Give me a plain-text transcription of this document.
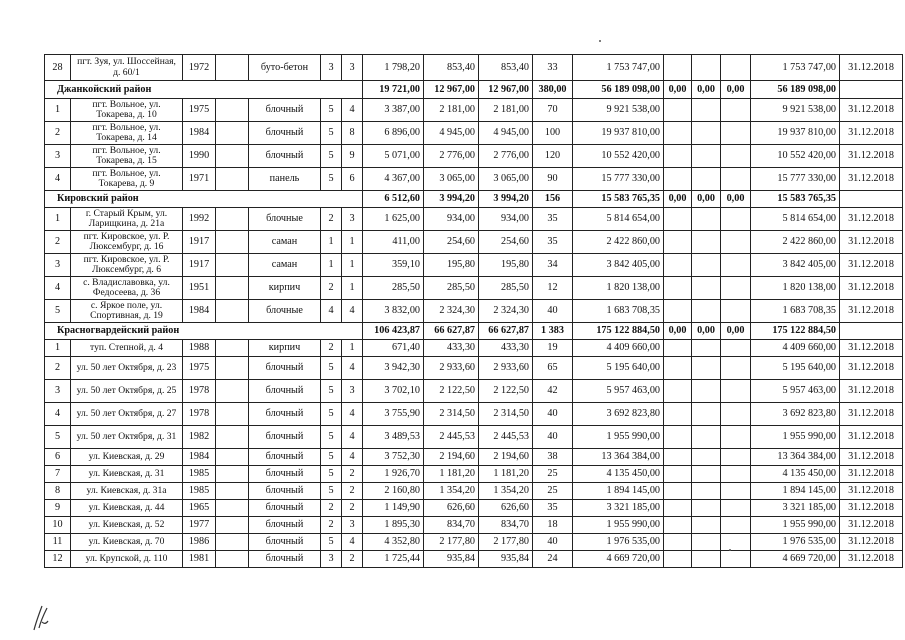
28	пгт. Зуя, ул. Шоссейная, д. 60/1	1972		буто-бетон	3	3	1 798,20	853,40	853,40	33	1 753 747,00				1 753 747,00	31.12.2018
Джанкойский район							19 721,00	12 967,00	12 967,00	380,00	56 189 098,00	0,00	0,00	0,00	56 189 098,00	
1	пгт. Вольное, ул. Токарева, д. 10	1975		блочный	5	4	3 387,00	2 181,00	2 181,00	70	9 921 538,00				9 921 538,00	31.12.2018
2	пгт. Вольное, ул. Токарева, д. 14	1984		блочный	5	8	6 896,00	4 945,00	4 945,00	100	19 937 810,00				19 937 810,00	31.12.2018
3	пгт. Вольное, ул. Токарева, д. 15	1990		блочный	5	9	5 071,00	2 776,00	2 776,00	120	10 552 420,00				10 552 420,00	31.12.2018
4	пгт. Вольное, ул. Токарева, д. 9	1971		панель	5	6	4 367,00	3 065,00	3 065,00	90	15 777 330,00				15 777 330,00	31.12.2018
Кировский район							6 512,60	3 994,20	3 994,20	156	15 583 765,35	0,00	0,00	0,00	15 583 765,35	
1	г. Старый Крым, ул. Ларищкина, д. 21а	1992		блочные	2	3	1 625,00	934,00	934,00	35	5 814 654,00				5 814 654,00	31.12.2018
2	пгт. Кировское, ул. Р. Люксембург, д. 16	1917		саман	1	1	411,00	254,60	254,60	35	2 422 860,00				2 422 860,00	31.12.2018
3	пгт. Кировское, ул. Р. Люксембург, д. 6	1917		саман	1	1	359,10	195,80	195,80	34	3 842 405,00				3 842 405,00	31.12.2018
4	с. Владиславовка, ул. Федосеева, д. 36	1951		кирпич	2	1	285,50	285,50	285,50	12	1 820 138,00				1 820 138,00	31.12.2018
5	с. Яркое поле, ул. Спортивная, д. 19	1984		блочные	4	4	3 832,00	2 324,30	2 324,30	40	1 683 708,35				1 683 708,35	31.12.2018
Красногвардейский район							106 423,87	66 627,87	66 627,87	1 383	175 122 884,50	0,00	0,00	0,00	175 122 884,50	
1	туп. Степной, д. 4	1988		кирпич	2	1	671,40	433,30	433,30	19	4 409 660,00				4 409 660,00	31.12.2018
2	ул. 50 лет Октября, д. 23	1975		блочный	5	4	3 942,30	2 933,60	2 933,60	65	5 195 640,00				5 195 640,00	31.12.2018
3	ул. 50 лет Октября, д. 25	1978		блочный	5	3	3 702,10	2 122,50	2 122,50	42	5 957 463,00				5 957 463,00	31.12.2018
4	ул. 50 лет Октября, д. 27	1978		блочный	5	4	3 755,90	2 314,50	2 314,50	40	3 692 823,80				3 692 823,80	31.12.2018
5	ул. 50 лет Октября, д. 31	1982		блочный	5	4	3 489,53	2 445,53	2 445,53	40	1 955 990,00				1 955 990,00	31.12.2018
6	ул. Киевская, д. 29	1984		блочный	5	4	3 752,30	2 194,60	2 194,60	38	13 364 384,00				13 364 384,00	31.12.2018
7	ул. Киевская, д. 31	1985		блочный	5	2	1 926,70	1 181,20	1 181,20	25	4 135 450,00				4 135 450,00	31.12.2018
8	ул. Киевская, д. 31а	1985		блочный	5	2	2 160,80	1 354,20	1 354,20	25	1 894 145,00				1 894 145,00	31.12.2018
9	ул. Киевская, д. 44	1965		блочный	2	2	1 149,90	626,60	626,60	35	3 321 185,00				3 321 185,00	31.12.2018
10	ул. Киевская, д. 52	1977		блочный	2	3	1 895,30	834,70	834,70	18	1 955 990,00				1 955 990,00	31.12.2018
11	ул. Киевская, д. 70	1986		блочный	5	4	4 352,80	2 177,80	2 177,80	40	1 976 535,00				1 976 535,00	31.12.2018
12	ул. Крупской, д. 110	1981		блочный	3	2	1 725,44	935,84	935,84	24	4 669 720,00				4 669 720,00	31.12.2018
